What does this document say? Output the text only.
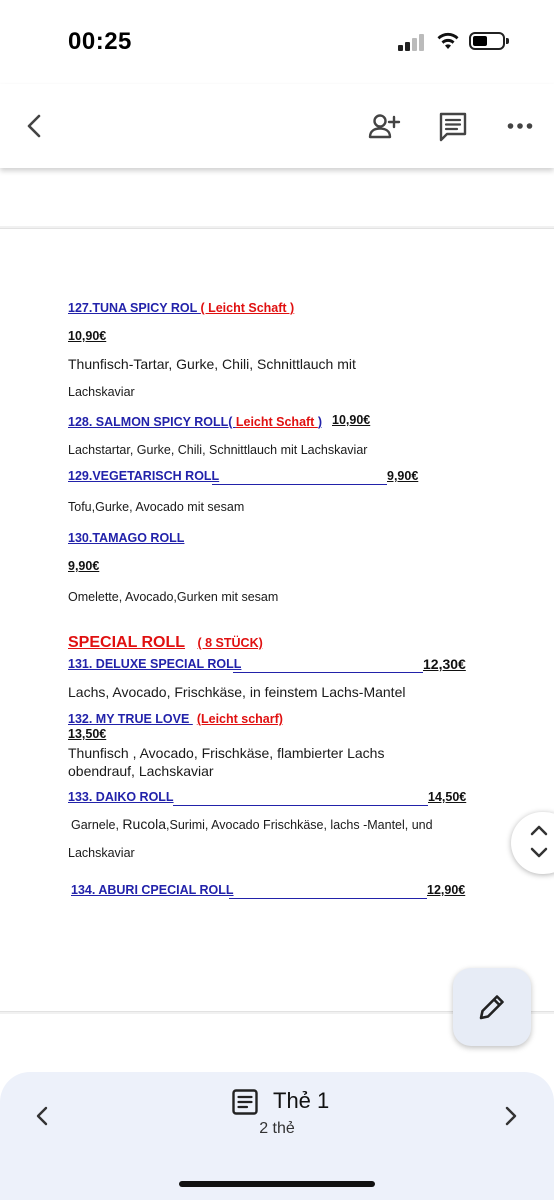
00:25
127.TUNA SPICY ROL ( Leicht Schaft )
10,90€
Thunfisch-Tartar, Gurke, Chili, Schnittlauch mit
Lachskaviar
128. SALMON SPICY ROLL( Leicht Schaft ) 10,90€
Lachstartar, Gurke, Chili, Schnittlauch mit Lachskaviar
129.VEGETARISCH ROLL	9,90€
Tofu,Gurke, Avocado mit sesam
130.TAMAGO ROLL
9,90€
Omelette, Avocado,Gurken mit sesam
SPECIAL ROLL ( 8 STÜCK)
131. DELUXE SPECIAL ROLL	12,30€
Lachs, Avocado, Frischkäse, in feinstem Lachs-Mantel
132. MY TRUE LOVE (Leicht scharf)
13,50€
Thunfisch , Avocado, Frischkäse, flambierter Lachs
obendrauf, Lachskaviar
133. DAIKO ROLL	14,50€
Garnele, Rucola,Surimi, Avocado Frischkäse, lachs -Mantel, und
Lachskaviar
134. ABURI CPECIAL ROLL	12,90€
Thẻ 1
2 thẻ
